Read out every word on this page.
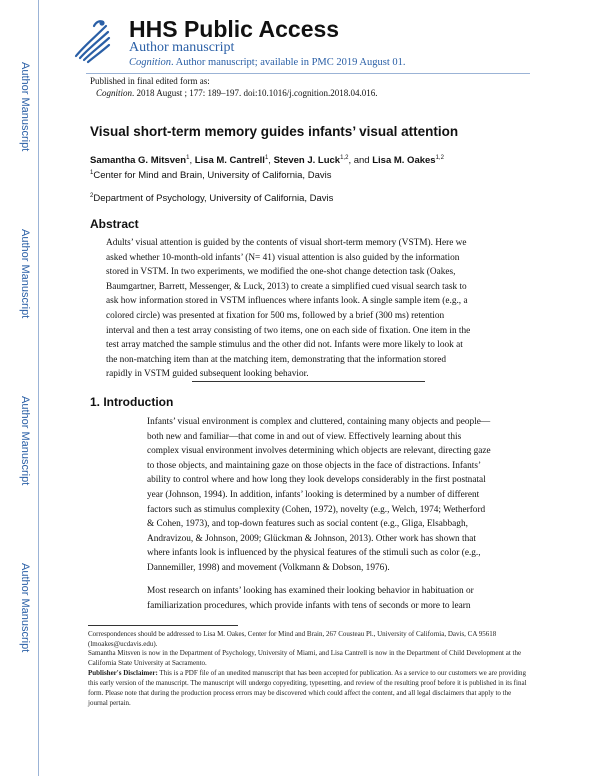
Author Manuscript
Author Manuscript
Author Manuscript
Author Manuscript
HHS Public Access
Author manuscript
Cognition. Author manuscript; available in PMC 2019 August 01.
Published in final edited form as:
Cognition. 2018 August ; 177: 189–197. doi:10.1016/j.cognition.2018.04.016.
Visual short-term memory guides infants’ visual attention
Samantha G. Mitsven$^1$, Lisa M. Cantrell$^1$, Steven J. Luck$^{1,2}$, and Lisa M. Oakes$^{1,2}$
$^1$Center for Mind and Brain, University of California, Davis
$^2$Department of Psychology, University of California, Davis
Abstract
Adults’ visual attention is guided by the contents of visual short-term memory (VSTM). Here we
asked whether 10-month-old infants’ (N= 41) visual attention is also guided by the information
stored in VSTM. In two experiments, we modified the one-shot change detection task (Oakes,
Baumgartner, Barrett, Messenger, & Luck, 2013) to create a simplified cued visual search task to
ask how information stored in VSTM influences where infants look. A single sample item (e.g., a
colored circle) was presented at fixation for 500 ms, followed by a brief (300 ms) retention
interval and then a test array consisting of two items, one on each side of fixation. One item in the
test array matched the sample stimulus and the other did not. Infants were more likely to look at
the non-matching item than at the matching item, demonstrating that the information stored
rapidly in VSTM guided subsequent looking behavior.
1. Introduction
Infants’ visual environment is complex and cluttered, containing many objects and people—
both new and familiar—that come in and out of view. Effectively learning about this
complex visual environment involves determining which objects are relevant, directing gaze
to those objects, and maintaining gaze on those objects in the face of distractions. Infants’
ability to control where and how long they look develops considerably in the first postnatal
year (Johnson, 1994). In addition, infants’ looking is determined by a number of different
factors such as stimulus complexity (Cohen, 1972), novelty (e.g., Welch, 1974; Wetherford
& Cohen, 1973), and top-down features such as social content (e.g., Gliga, Elsabbagh,
Andravizou, & Johnson, 2009; Glückman & Johnson, 2013). Other work has shown that
where infants look is influenced by the physical features of the stimuli such as color (e.g.,
Dannemiller, 1998) and movement (Volkmann & Dobson, 1976).
Most research on infants’ looking has examined their looking behavior in habituation or
familiarization procedures, which provide infants with tens of seconds or more to learn
Correspondences should be addressed to Lisa M. Oakes, Center for Mind and Brain, 267 Cousteau Pl., University of California, Davis, CA 95618 (lmoakes@ucdavis.edu).
Samantha Mitsven is now in the Department of Psychology, University of Miami, and Lisa Cantrell is now in the Department of Child Development at the California State University at Sacramento.
Publisher's Disclaimer: This is a PDF file of an unedited manuscript that has been accepted for publication. As a service to our customers we are providing this early version of the manuscript. The manuscript will undergo copyediting, typesetting, and review of the resulting proof before it is published in its final form. Please note that during the production process errors may be discovered which could affect the content, and all legal disclaimers that apply to the journal pertain.
